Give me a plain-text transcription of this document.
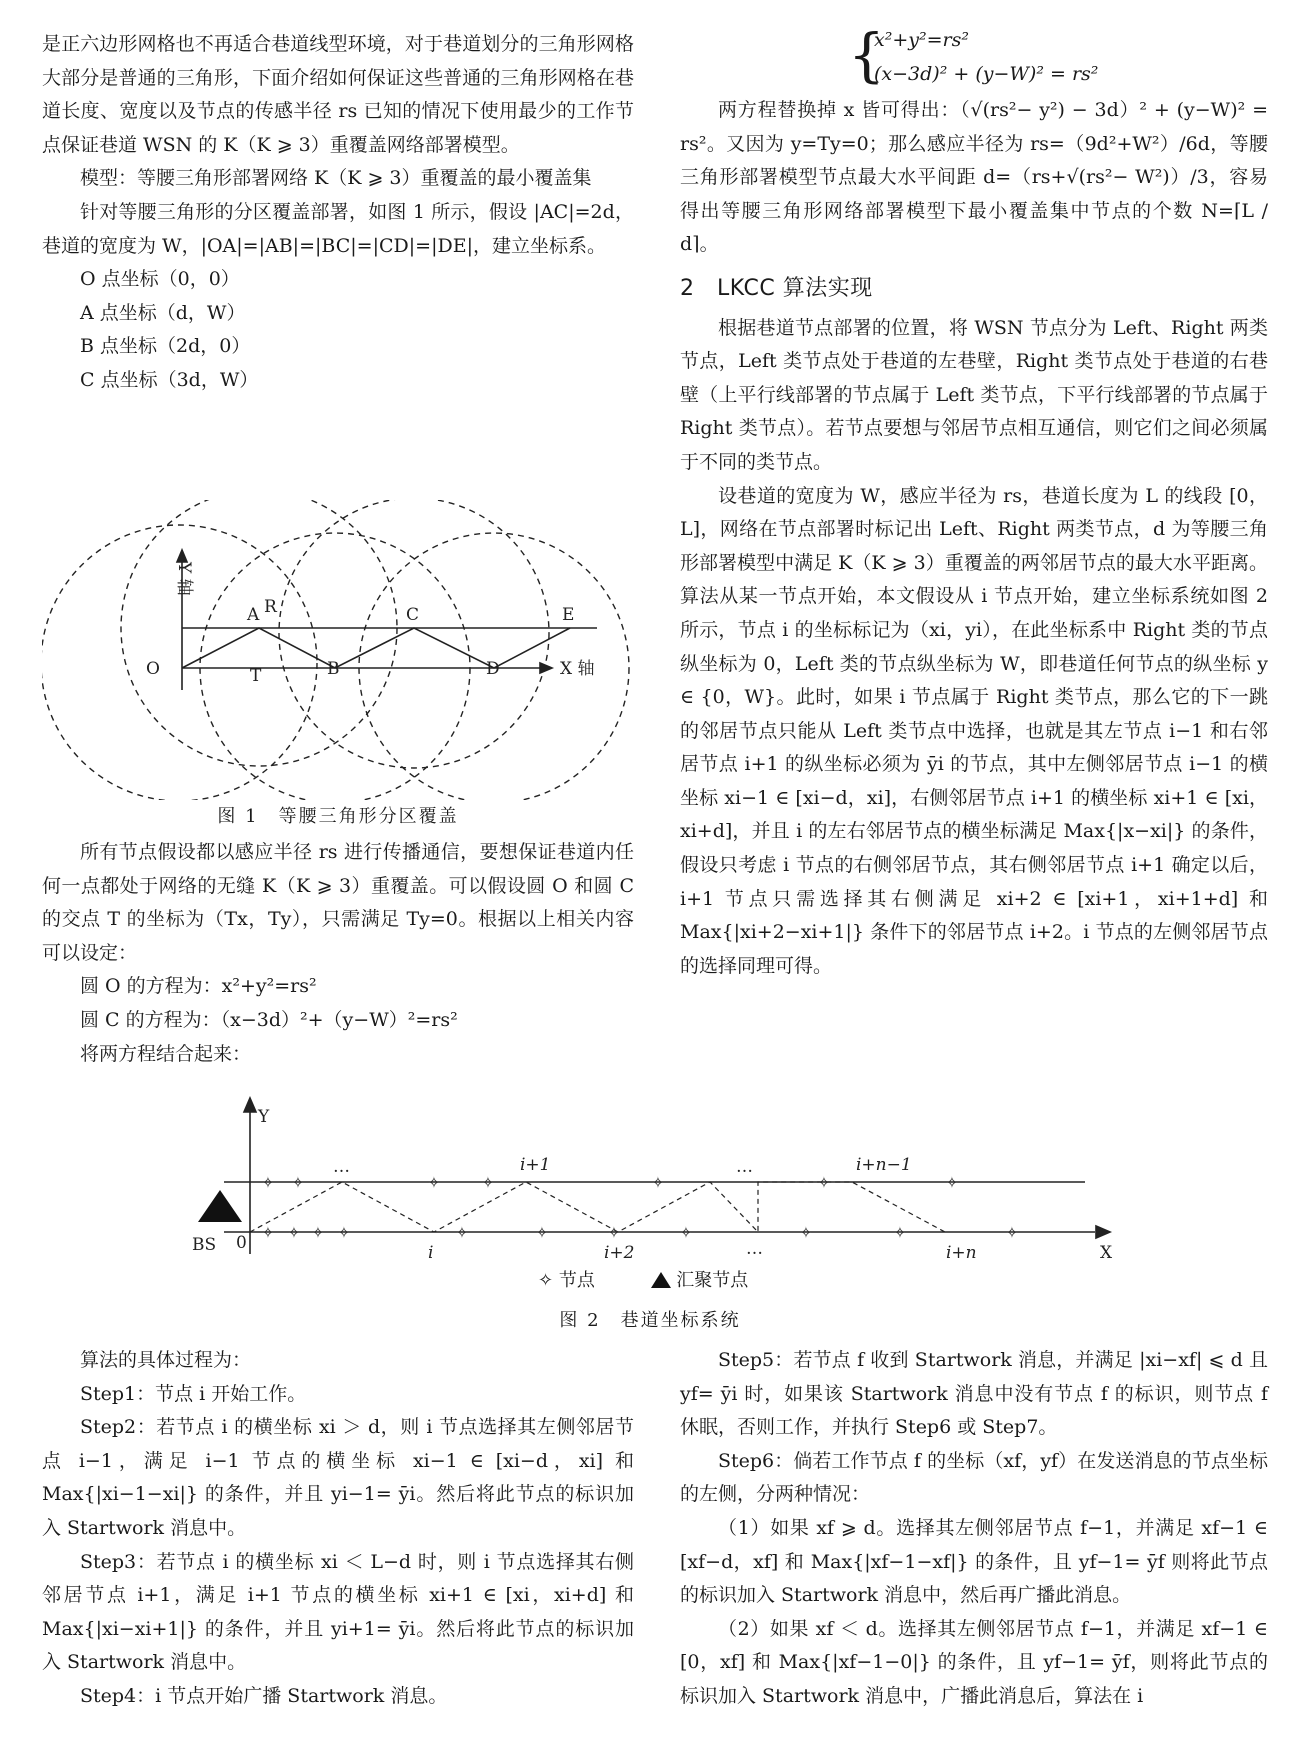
是正六边形网格也不再适合巷道线型环境，对于巷道划分的三角形网格大部分是普通的三角形，下面介绍如何保证这些普通的三角形网格在巷道长度、宽度以及节点的传感半径 rs 已知的情况下使用最少的工作节点保证巷道 WSN 的 K（K ⩾ 3）重覆盖网络部署模型。

模型：等腰三角形部署网络 K（K ⩾ 3）重覆盖的最小覆盖集

针对等腰三角形的分区覆盖部署，如图 1 所示，假设 |AC|=2d，巷道的宽度为 W，|OA|=|AB|=|BC|=|CD|=|DE|，建立坐标系。

O 点坐标（0，0）

A 点坐标（d，W）

B 点坐标（2d，0）

C 点坐标（3d，W）

Y 轴
A R	C	E
O	T	B	D	X 轴
图 1　等腰三角形分区覆盖

所有节点假设都以感应半径 rs 进行传播通信，要想保证巷道内任何一点都处于网络的无缝 K（K ⩾ 3）重覆盖。可以假设圆 O 和圆 C 的交点 T 的坐标为（Tx，Ty），只需满足 Ty=0。根据以上相关内容可以设定：

圆 O 的方程为：x²+y²=rs²

圆 C 的方程为：（x−3d）²+（y−W）²=rs²

将两方程结合起来：

{
x²+y²=rs²
(x−3d)² + (y−W)² = rs²

两方程替换掉 x 皆可得出：（√(rs²− y²) − 3d）² + (y−W)² = rs²。又因为 y=Ty=0；那么感应半径为 rs=（9d²+W²）/6d，等腰三角形部署模型节点最大水平间距 d=（rs+√(rs²− W²)）/3，容易得出等腰三角形网络部署模型下最小覆盖集中节点的个数 N=⌈L / d⌉。

2　LKCC 算法实现

根据巷道节点部署的位置，将 WSN 节点分为 Left、Right 两类节点，Left 类节点处于巷道的左巷壁，Right 类节点处于巷道的右巷壁（上平行线部署的节点属于 Left 类节点，下平行线部署的节点属于 Right 类节点）。若节点要想与邻居节点相互通信，则它们之间必须属于不同的类节点。

设巷道的宽度为 W，感应半径为 rs，巷道长度为 L 的线段 [0，L]，网络在节点部署时标记出 Left、Right 两类节点，d 为等腰三角形部署模型中满足 K（K ⩾ 3）重覆盖的两邻居节点的最大水平距离。算法从某一节点开始，本文假设从 i 节点开始，建立坐标系统如图 2 所示，节点 i 的坐标标记为（xi，yi），在此坐标系中 Right 类的节点纵坐标为 0，Left 类的节点纵坐标为 W，即巷道任何节点的纵坐标 y ∈ {0，W}。此时，如果 i 节点属于 Right 类节点，那么它的下一跳的邻居节点只能从 Left 类节点中选择，也就是其左节点 i−1 和右邻居节点 i+1 的纵坐标必须为 ȳi 的节点，其中左侧邻居节点 i−1 的横坐标 xi−1 ∈ [xi−d，xi]，右侧邻居节点 i+1 的横坐标 xi+1 ∈ [xi，xi+d]，并且 i 的左右邻居节点的横坐标满足 Max{|x−xi|} 的条件，假设只考虑 i 节点的右侧邻居节点，其右侧邻居节点 i+1 确定以后，i+1 节点只需选择其右侧满足 xi+2 ∈ [xi+1，xi+1+d] 和 Max{|xi+2−xi+1|} 条件下的邻居节点 i+2。i 节点的左侧邻居节点的选择同理可得。

✧ ✧	✧	✧	✧	✧	✧
✧ ✧ ✧ ✧	✧	✧	✧	✧	✧	✧	✧
Y
X
BS 0
…	i+1	…	i+n−1
i	i+2	…	i+n
✧ 节点	汇聚节点
图 2　巷道坐标系统

算法的具体过程为：

Step1：节点 i 开始工作。

Step2：若节点 i 的横坐标 xi ＞ d，则 i 节点选择其左侧邻居节点 i−1，满足 i−1 节点的横坐标 xi−1 ∈ [xi−d，xi] 和 Max{|xi−1−xi|} 的条件，并且 yi−1= ȳi。然后将此节点的标识加入 Startwork 消息中。

Step3：若节点 i 的横坐标 xi ＜ L−d 时，则 i 节点选择其右侧邻居节点 i+1，满足 i+1 节点的横坐标 xi+1 ∈ [xi，xi+d] 和 Max{|xi−xi+1|} 的条件，并且 yi+1= ȳi。然后将此节点的标识加入 Startwork 消息中。

Step4：i 节点开始广播 Startwork 消息。

Step5：若节点 f 收到 Startwork 消息，并满足 |xi−xf| ⩽ d 且 yf= ȳi 时，如果该 Startwork 消息中没有节点 f 的标识，则节点 f 休眠，否则工作，并执行 Step6 或 Step7。

Step6：倘若工作节点 f 的坐标（xf，yf）在发送消息的节点坐标的左侧，分两种情况：

（1）如果 xf ⩾ d。选择其左侧邻居节点 f−1，并满足 xf−1 ∈ [xf−d，xf] 和 Max{|xf−1−xf|} 的条件，且 yf−1= ȳf 则将此节点的标识加入 Startwork 消息中，然后再广播此消息。

（2）如果 xf ＜ d。选择其左侧邻居节点 f−1，并满足 xf−1 ∈ [0，xf] 和 Max{|xf−1−0|} 的条件，且 yf−1= ȳf，则将此节点的标识加入 Startwork 消息中，广播此消息后，算法在 i
